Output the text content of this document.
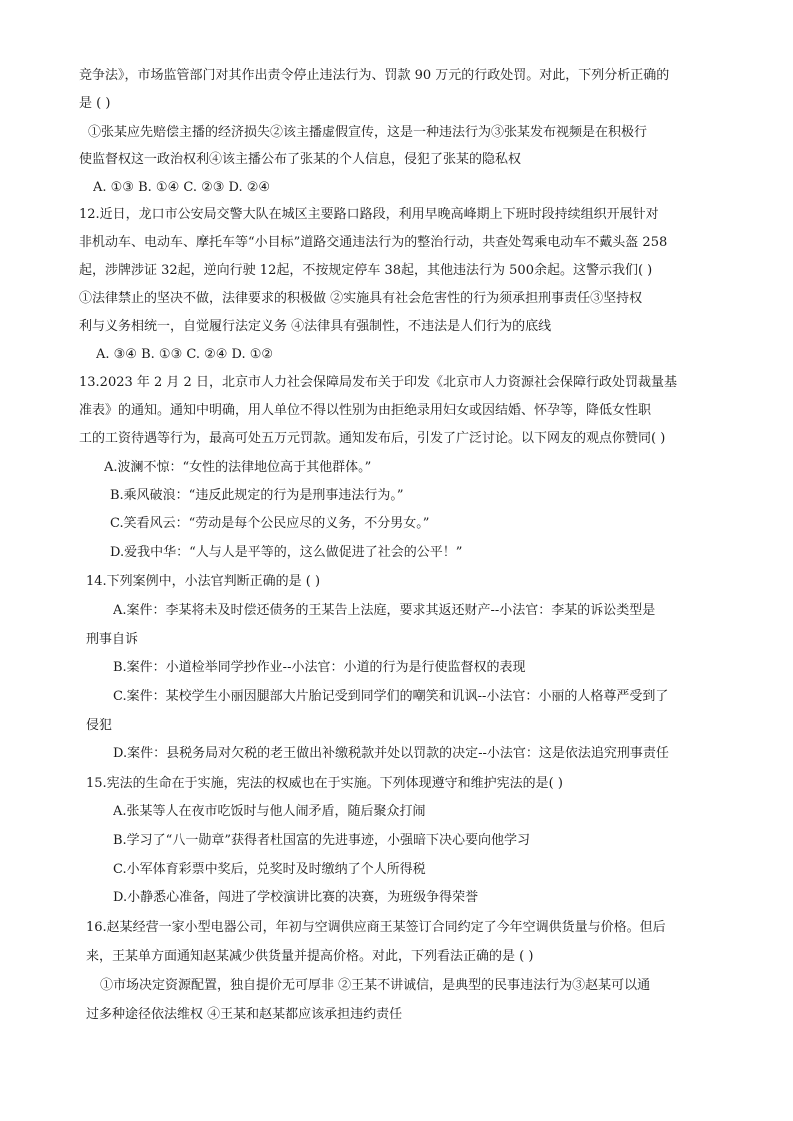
竞争法》，市场监管部门对其作出责令停止违法行为、罚款 90 万元的行政处罚。对此，下列分析正确的
是 ( )
①张某应先赔偿主播的经济损失②该主播虚假宣传，这是一种违法行为③张某发布视频是在积极行
使监督权这一政治权利④该主播公布了张某的个人信息，侵犯了张某的隐私权
A. ①③ B. ①④ C. ②③ D. ②④
12.近日，龙口市公安局交警大队在城区主要路口路段，利用早晚高峰期上下班时段持续组织开展针对
非机动车、电动车、摩托车等“小目标”道路交通违法行为的整治行动，共查处驾乘电动车不戴头盔 258
起，涉牌涉证 32起，逆向行驶 12起，不按规定停车 38起，其他违法行为 500余起。这警示我们( )
①法律禁止的坚决不做，法律要求的积极做 ②实施具有社会危害性的行为须承担刑事责任③坚持权
利与义务相统一，自觉履行法定义务 ④法律具有强制性，不违法是人们行为的底线
A. ③④ B. ①③ C. ②④ D. ①②
13.2023 年 2 月 2 日，北京市人力社会保障局发布关于印发《北京市人力资源社会保障行政处罚裁量基
准表》的通知。通知中明确，用人单位不得以性别为由拒绝录用妇女或因结婚、怀孕等，降低女性职
工的工资待遇等行为，最高可处五万元罚款。通知发布后，引发了广泛讨论。以下网友的观点你赞同( )
A.波澜不惊：“女性的法律地位高于其他群体。”
B.乘风破浪：“违反此规定的行为是刑事违法行为。”
C.笑看风云：“劳动是每个公民应尽的义务，不分男女。”
D.爱我中华：“人与人是平等的，这么做促进了社会的公平！”
14.下列案例中，小法官判断正确的是 ( )
A.案件：李某将未及时偿还债务的王某告上法庭，要求其返还财产--小法官：李某的诉讼类型是
刑事自诉
B.案件：小道检举同学抄作业--小法官：小道的行为是行使监督权的表现
C.案件：某校学生小丽因腿部大片胎记受到同学们的嘲笑和讥讽--小法官：小丽的人格尊严受到了
侵犯
D.案件：县税务局对欠税的老王做出补缴税款并处以罚款的决定--小法官：这是依法追究刑事责任
15.宪法的生命在于实施，宪法的权威也在于实施。下列体现遵守和维护宪法的是( )
A.张某等人在夜市吃饭时与他人闹矛盾，随后聚众打闹
B.学习了“八一勋章”获得者杜国富的先进事迹，小强暗下决心要向他学习
C.小军体育彩票中奖后，兑奖时及时缴纳了个人所得税
D.小静悉心准备，闯进了学校演讲比赛的决赛，为班级争得荣誉
16.赵某经营一家小型电器公司，年初与空调供应商王某签订合同约定了今年空调供货量与价格。但后
来，王某单方面通知赵某减少供货量并提高价格。对此，下列看法正确的是 ( )
①市场决定资源配置，独自提价无可厚非 ②王某不讲诚信，是典型的民事违法行为③赵某可以通
过多种途径依法维权 ④王某和赵某都应该承担违约责任
